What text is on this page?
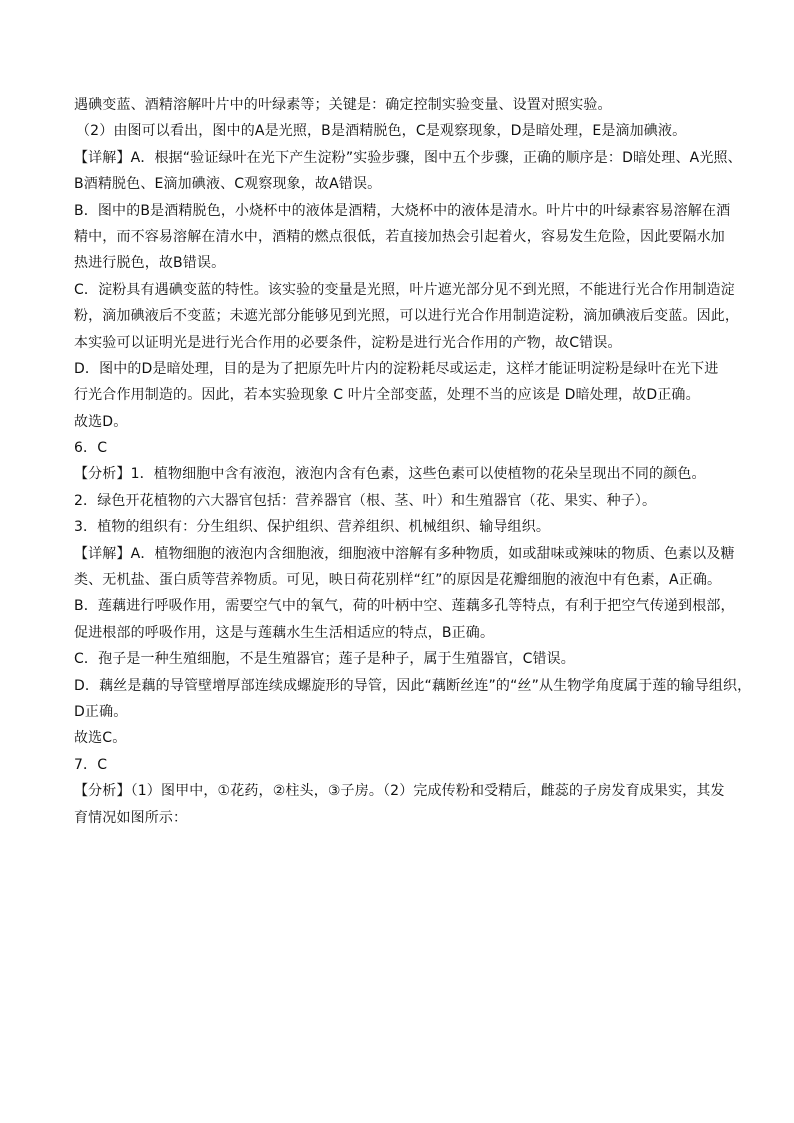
遇碘变蓝、酒精溶解叶片中的叶绿素等；关键是：确定控制实验变量、设置对照实验。
（2）由图可以看出，图中的A是光照，B是酒精脱色，C是观察现象，D是暗处理，E是滴加碘液。
【详解】A．根据“验证绿叶在光下产生淀粉”实验步骤，图中五个步骤，正确的顺序是：D暗处理、A光照、
B酒精脱色、E滴加碘液、C观察现象，故A错误。
B．图中的B是酒精脱色，小烧杯中的液体是酒精，大烧杯中的液体是清水。叶片中的叶绿素容易溶解在酒
精中，而不容易溶解在清水中，酒精的燃点很低，若直接加热会引起着火，容易发生危险，因此要隔水加
热进行脱色，故B错误。
C．淀粉具有遇碘变蓝的特性。该实验的变量是光照，叶片遮光部分见不到光照，不能进行光合作用制造淀
粉，滴加碘液后不变蓝；未遮光部分能够见到光照，可以进行光合作用制造淀粉，滴加碘液后变蓝。因此，
本实验可以证明光是进行光合作用的必要条件，淀粉是进行光合作用的产物，故C错误。
D．图中的D是暗处理，目的是为了把原先叶片内的淀粉耗尽或运走，这样才能证明淀粉是绿叶在光下进
行光合作用制造的。因此，若本实验现象 C 叶片全部变蓝，处理不当的应该是 D暗处理，故D正确。
故选D。
6．C
【分析】1．植物细胞中含有液泡，液泡内含有色素，这些色素可以使植物的花朵呈现出不同的颜色。
2．绿色开花植物的六大器官包括：营养器官（根、茎、叶）和生殖器官（花、果实、种子）。
3．植物的组织有：分生组织、保护组织、营养组织、机械组织、输导组织。
【详解】A．植物细胞的液泡内含细胞液，细胞液中溶解有多种物质，如或甜味或辣味的物质、色素以及糖
类、无机盐、蛋白质等营养物质。可见，映日荷花别样“红”的原因是花瓣细胞的液泡中有色素，A正确。
B．莲藕进行呼吸作用，需要空气中的氧气，荷的叶柄中空、莲藕多孔等特点，有利于把空气传递到根部，
促进根部的呼吸作用，这是与莲藕水生生活相适应的特点，B正确。
C．孢子是一种生殖细胞，不是生殖器官；莲子是种子，属于生殖器官，C错误。
D．藕丝是藕的导管壁增厚部连续成螺旋形的导管，因此“藕断丝连”的“丝”从生物学角度属于莲的输导组织，
D正确。
故选C。
7．C
【分析】（1）图甲中，①花药，②柱头，③子房。（2）完成传粉和受精后，雌蕊的子房发育成果实，其发
育情况如图所示：
